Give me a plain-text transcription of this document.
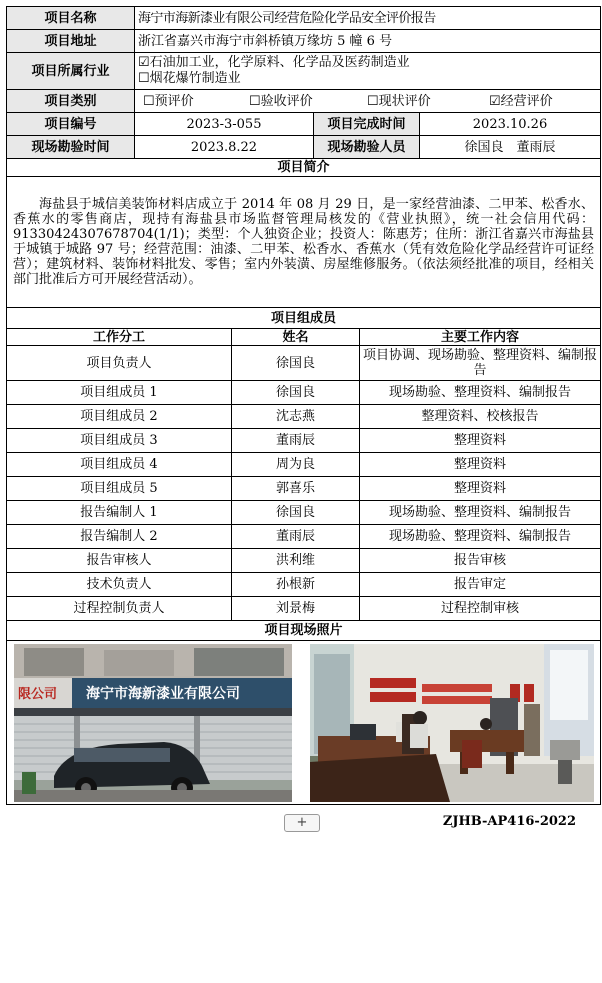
项目名称	海宁市海新漆业有限公司经营危险化学品安全评价报告				
项目地址	浙江省嘉兴市海宁市斜桥镇万缘坊 5 幢 6 号				
项目所属行业	☑石油加工业，化学原料、化学品及医药制造业
☐烟花爆竹制造业				

项目类别	☐预评价 ☐验收评价 ☐现状评价 ☑经营评价				

项目编号	2023-3-055		项目完成时间		2023.10.26
现场勘验时间	2023.8.22		现场勘验人员		徐国良　董雨辰
项目简介					
海盐县于城信美装饰材料店成立于 2014 年 08 月 29 日，是一家经营油漆、二甲苯、松香水、香蕉水的零售商店，现持有海盐县市场监督管理局核发的《营业执照》，统一社会信用代码：91330424307678704(1/1)；类型：个人独资企业；投资人：陈惠芳；住所：浙江省嘉兴市海盐县于城镇于城路 97 号；经营范围：油漆、二甲苯、松香水、香蕉水（凭有效危险化学品经营许可证经营）；建筑材料、装饰材料批发、零售；室内外装潢、房屋维修服务。（依法须经批准的项目，经相关部门批准后方可开展经营活动）。					
项目组成员					
工作分工		姓名		主要工作内容	
项目负责人		徐国良		项目协调、现场勘验、整理资料、编制报告	
项目组成员 1		徐国良		现场勘验、整理资料、编制报告	
项目组成员 2		沈志燕		整理资料、校核报告	
项目组成员 3		董雨辰		整理资料	
项目组成员 4		周为良		整理资料	
项目组成员 5		郭喜乐		整理资料	
报告编制人 1		徐国良		现场勘验、整理资料、编制报告	
报告编制人 2		董雨辰		现场勘验、整理资料、编制报告	
报告审核人		洪利维		报告审核	
技术负责人		孙根新		报告审定	
过程控制负责人		刘景梅		过程控制审核	
项目现场照片					

限公司 海宁市海新漆业有限公司					
+	ZJHB-AP416-2022
